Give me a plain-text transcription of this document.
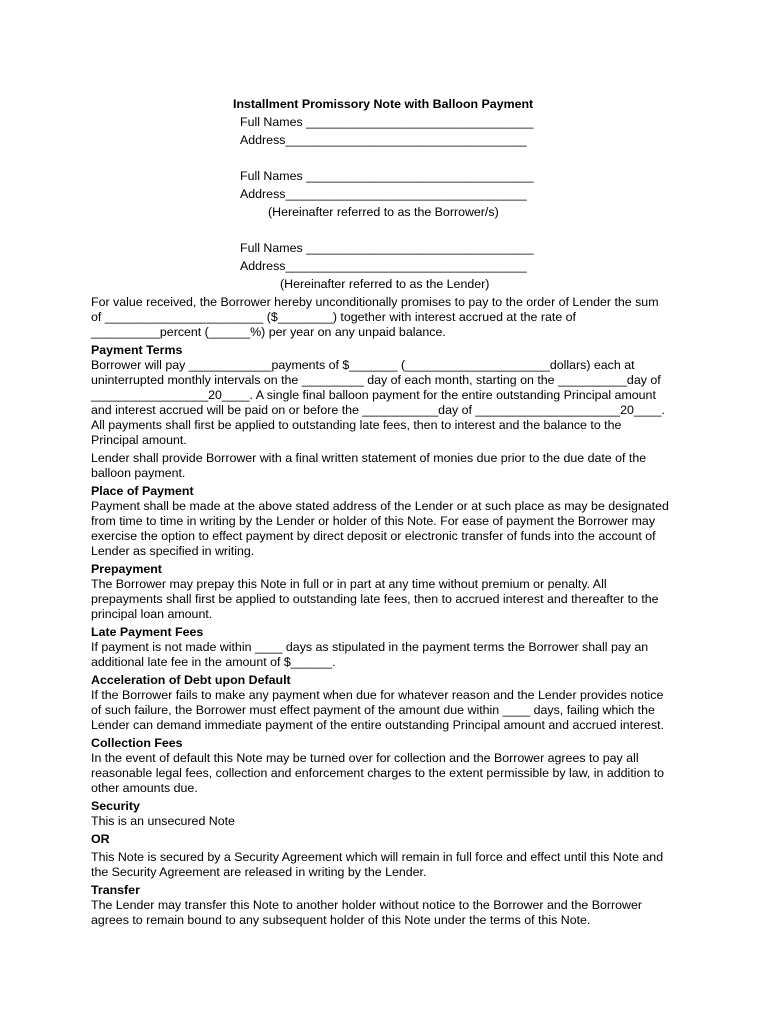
Installment Promissory Note with Balloon Payment
Full Names _________________________________
Address___________________________________
Full Names _________________________________
Address___________________________________
(Hereinafter referred to as the Borrower/s)
Full Names _________________________________
Address___________________________________
(Hereinafter referred to as the Lender)

For value received, the Borrower hereby unconditionally promises to pay to the order of Lender the sum

of _______________________ ($________) together with interest accrued at the rate of

__________percent (______%) per year on any unpaid balance.

Payment Terms

Borrower will pay ____________payments of $_______ (_____________________dollars) each at

uninterrupted monthly intervals on the _________ day of each month, starting on the __________day of

_________________20____. A single final balloon payment for the entire outstanding Principal amount

and interest accrued will be paid on or before the ___________day of _____________________20____.

All payments shall first be applied to outstanding late fees, then to interest and the balance to the

Principal amount.

Lender shall provide Borrower with a final written statement of monies due prior to the due date of the

balloon payment.

Place of Payment

Payment shall be made at the above stated address of the Lender or at such place as may be designated

from time to time in writing by the Lender or holder of this Note. For ease of payment the Borrower may

exercise the option to effect payment by direct deposit or electronic transfer of funds into the account of

Lender as specified in writing.

Prepayment

The Borrower may prepay this Note in full or in part at any time without premium or penalty. All

prepayments shall first be applied to outstanding late fees, then to accrued interest and thereafter to the

principal loan amount.

Late Payment Fees

If payment is not made within ____ days as stipulated in the payment terms the Borrower shall pay an

additional late fee in the amount of $______.

Acceleration of Debt upon Default

If the Borrower fails to make any payment when due for whatever reason and the Lender provides notice

of such failure, the Borrower must effect payment of the amount due within ____ days, failing which the

Lender can demand immediate payment of the entire outstanding Principal amount and accrued interest.

Collection Fees

In the event of default this Note may be turned over for collection and the Borrower agrees to pay all

reasonable legal fees, collection and enforcement charges to the extent permissible by law, in addition to

other amounts due.

Security

This is an unsecured Note

OR

This Note is secured by a Security Agreement which will remain in full force and effect until this Note and

the Security Agreement are released in writing by the Lender.

Transfer

The Lender may transfer this Note to another holder without notice to the Borrower and the Borrower

agrees to remain bound to any subsequent holder of this Note under the terms of this Note.
